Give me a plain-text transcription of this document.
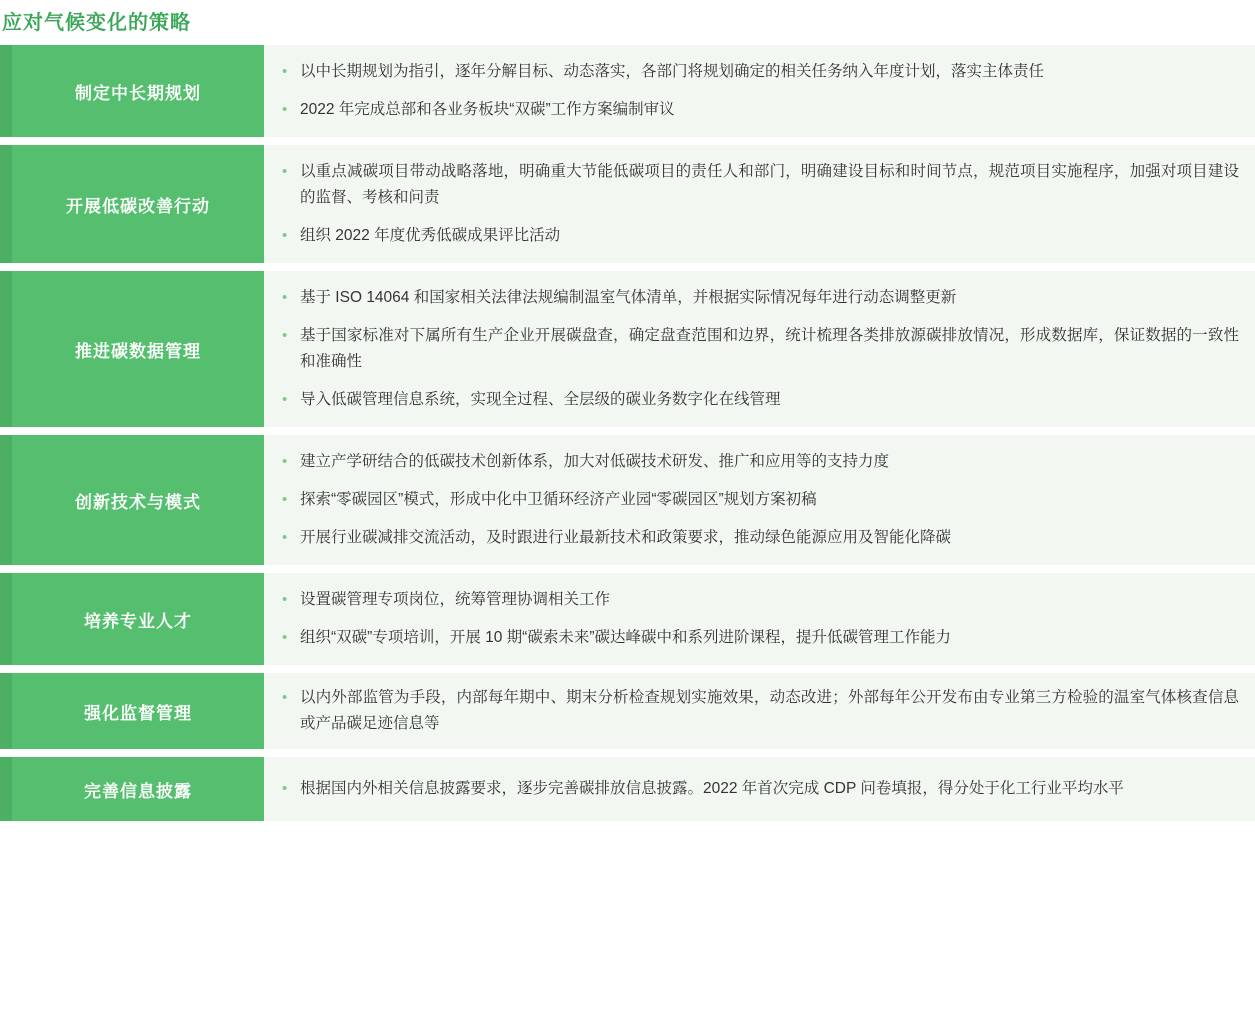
应对气候变化的策略
制定中长期规划
• 以中长期规划为指引，逐年分解目标、动态落实，各部门将规划确定的相关任务纳入年度计划，落实主体责任
• 2022 年完成总部和各业务板块“双碳”工作方案编制审议
开展低碳改善行动
• 以重点减碳项目带动战略落地，明确重大节能低碳项目的责任人和部门，明确建设目标和时间节点，规范项目实施程序，加强对项目建设的监督、考核和问责
• 组织 2022 年度优秀低碳成果评比活动
推进碳数据管理
• 基于 ISO 14064 和国家相关法律法规编制温室气体清单，并根据实际情况每年进行动态调整更新
• 基于国家标准对下属所有生产企业开展碳盘查，确定盘查范围和边界，统计梳理各类排放源碳排放情况，形成数据库，保证数据的一致性和准确性
• 导入低碳管理信息系统，实现全过程、全层级的碳业务数字化在线管理
创新技术与模式
• 建立产学研结合的低碳技术创新体系，加大对低碳技术研发、推广和应用等的支持力度
• 探索“零碳园区”模式，形成中化中卫循环经济产业园“零碳园区”规划方案初稿
• 开展行业碳减排交流活动，及时跟进行业最新技术和政策要求，推动绿色能源应用及智能化降碳
培养专业人才
• 设置碳管理专项岗位，统筹管理协调相关工作
• 组织“双碳”专项培训，开展 10 期“碳索未来”碳达峰碳中和系列进阶课程，提升低碳管理工作能力
强化监督管理
• 以内外部监管为手段，内部每年期中、期末分析检查规划实施效果，动态改进；外部每年公开发布由专业第三方检验的温室气体核查信息或产品碳足迹信息等
完善信息披露	• 根据国内外相关信息披露要求，逐步完善碳排放信息披露。2022 年首次完成 CDP 问卷填报，得分处于化工行业平均水平
